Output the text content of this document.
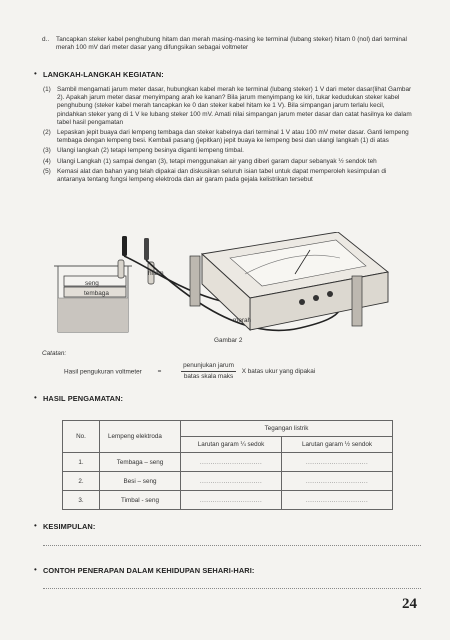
d..	Tancapkan steker kabel penghubung hitam dan merah masing-masing ke terminal (lubang steker) hitam 0 (nol) dari terminal merah 100 mV dari meter dasar yang difungsikan sebagai voltmeter
• LANGKAH-LANGKAH KEGIATAN:
(1) Sambil mengamati jarum meter dasar, hubungkan kabel merah ke terminal (lubang steker) 1 V dari meter dasar(lihat Gambar 2). Apakah jarum meter dasar menyimpang arah ke kanan? Bila jarum menyimpang ke kiri, tukar kedudukan steker kabel penghubung (steker kabel merah tancapkan ke 0 dan steker kabel hitam ke 1 V). Bila simpangan jarum terlalu kecil, pindahkan steker yang di 1 V ke lubang steker 100 mV. Amati nilai simpangan jarum meter dasar dan catat hasilnya ke dalam tabel hasil pengamatan
(2) Lepaskan jepit buaya dari lempeng tembaga dan steker kabelnya dari terminal 1 V atau 100 mV meter dasar. Ganti lempeng tembaga dengan lempeng besi. Kembali pasang (jepitkan) jepit buaya ke lempeng besi dan ulangi langkah (1) di atas
(3) Ulangi langkah (2) tetapi lempeng besinya diganti lempeng timbal.
(4) Ulangi Langkah (1) sampai dengan (3), tetapi menggunakan air yang diberi garam dapur sebanyak ½ sendok teh
(5) Kemasi alat dan bahan yang telah dipakai dan diskusikan seluruh isian tabel untuk dapat memperoleh kesimpulan di antaranya tentang fungsi lempeng elektroda dan air garam pada gejala kelistrikan tersebut
hitam
seng
tembaga
merah
Gambar 2
Catatan:
Hasil pengukuran voltmeter =	$\frac{\text{penunjukan jarum}}{\text{batas skala maks}}$ X batas ukur yang dipakai
• HASIL PENGAMATAN:
No.	Lempeng elektroda	Tegangan listrik	
		Larutan garam ¼ sedok	Larutan garam ½ sendok
1.	Tembaga – seng	.............................	.............................
2.	Besi – seng	.............................	.............................
3.	Timbal - seng	.............................	.............................
• KESIMPULAN:
• CONTOH PENERAPAN DALAM KEHIDUPAN SEHARI-HARI:
24
